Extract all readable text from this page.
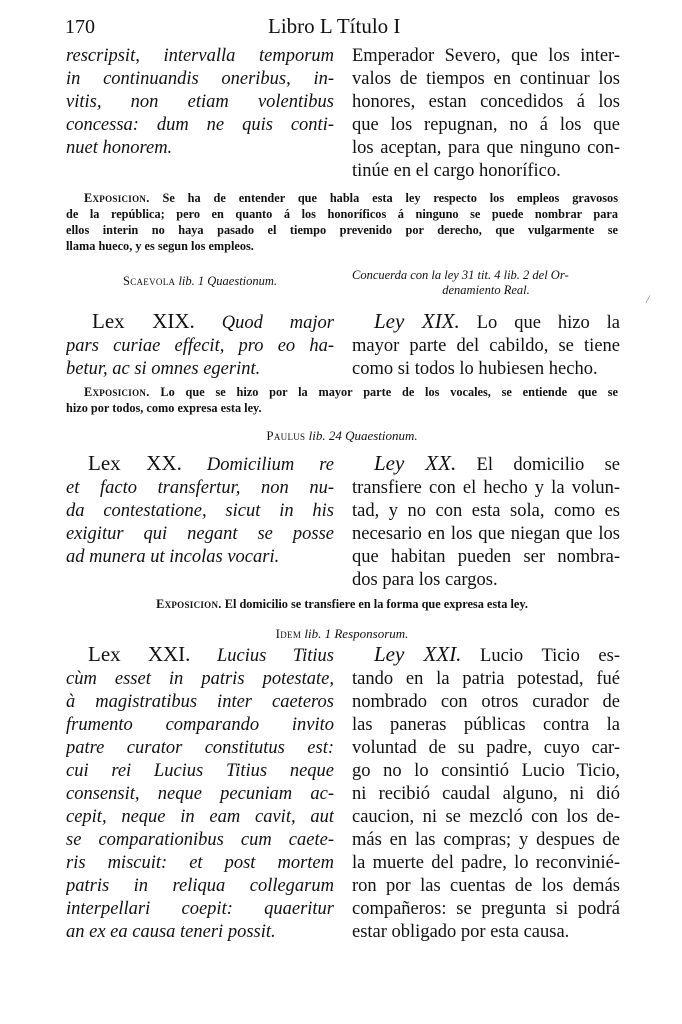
170	Libro L Título I
rescripsit, intervalla temporum
in continuandis oneribus, in-
vitis, non etiam volentibus
concessa: dum ne quis conti-
nuet honorem.
Emperador Severo, que los inter-
valos de tiempos en continuar los
honores, estan concedidos á los
que los repugnan, no á los que
los aceptan, para que ninguno con-
tinúe en el cargo honorífico.
Exposicion. Se ha de entender que habla esta ley respecto los empleos gravosos
de la república; pero en quanto á los honoríficos á ninguno se puede nombrar para
ellos interin no haya pasado el tiempo prevenido por derecho, que vulgarmente se
llama hueco, y es segun los empleos.
Scaevola lib. 1 Quaestionum.	Concuerda con la ley 31 tit. 4 lib. 2 del Or-
denamiento Real.
/
Lex XIX. Quod major
pars curiae effecit, pro eo ha-
betur, ac si omnes egerint.
Ley XIX. Lo que hizo la
mayor parte del cabildo, se tiene
como si todos lo hubiesen hecho.
Exposicion. Lo que se hizo por la mayor parte de los vocales, se entiende que se
hizo por todos, como expresa esta ley.
Paulus lib. 24 Quaestionum.
Lex XX. Domicilium re
et facto transfertur, non nu-
da contestatione, sicut in his
exigitur qui negant se posse
ad munera ut incolas vocari.
Ley XX. El domicilio se
transfiere con el hecho y la volun-
tad, y no con esta sola, como es
necesario en los que niegan que los
que habitan pueden ser nombra-
dos para los cargos.
Exposicion. El domicilio se transfiere en la forma que expresa esta ley.
Idem lib. 1 Responsorum.
Lex XXI. Lucius Titius
cùm esset in patris potestate,
à magistratibus inter caeteros
frumento comparando invito
patre curator constitutus est:
cui rei Lucius Titius neque
consensit, neque pecuniam ac-
cepit, neque in eam cavit, aut
se comparationibus cum caete-
ris miscuit: et post mortem
patris in reliqua collegarum
interpellari coepit: quaeritur
an ex ea causa teneri possit.
Ley XXI. Lucio Ticio es-
tando en la patria potestad, fué
nombrado con otros curador de
las paneras públicas contra la
voluntad de su padre, cuyo car-
go no lo consintió Lucio Ticio,
ni recibió caudal alguno, ni dió
caucion, ni se mezcló con los de-
más en las compras; y despues de
la muerte del padre, lo reconvinié-
ron por las cuentas de los demás
compañeros: se pregunta si podrá
estar obligado por esta causa.
